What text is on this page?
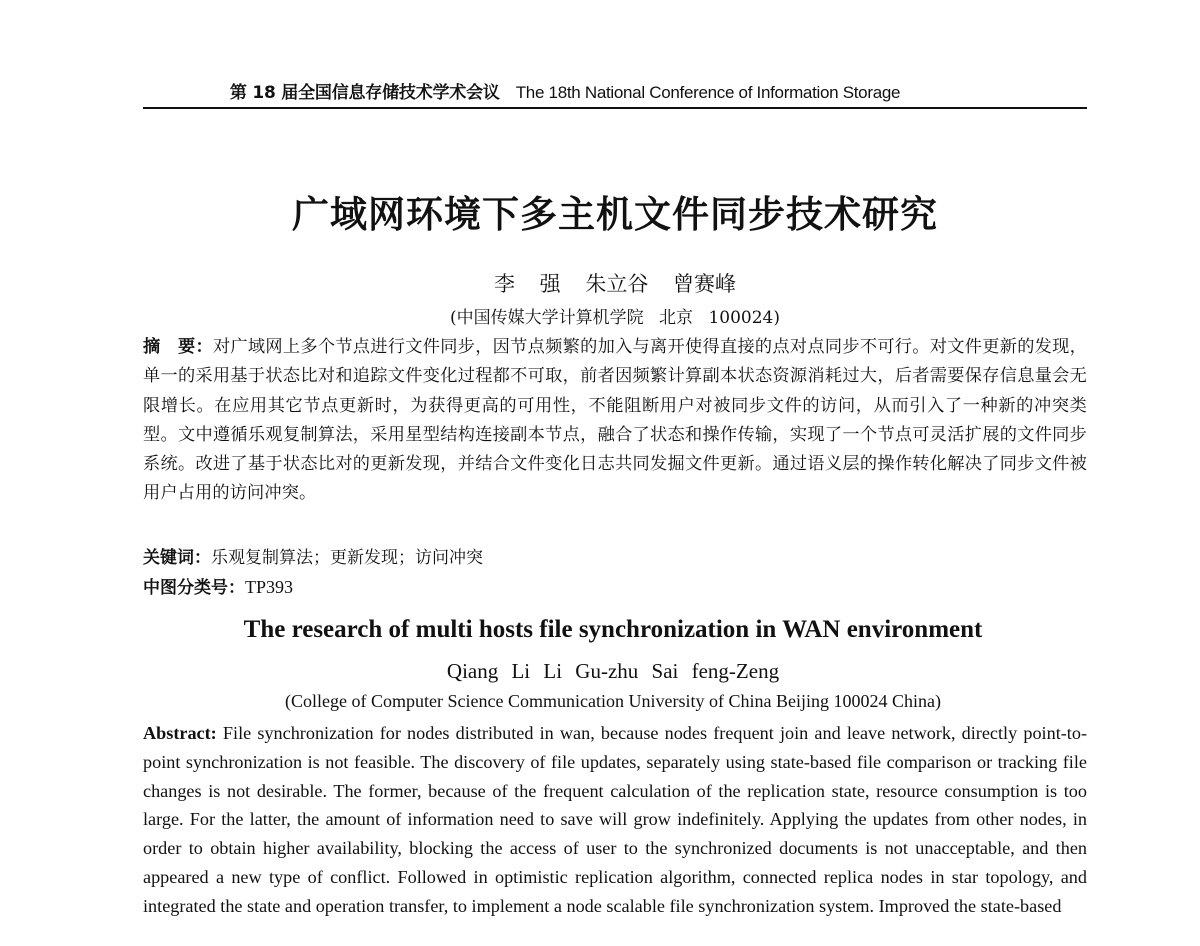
第 18 届全国信息存储技术学术会议 The 18th National Conference of Information Storage
广域网环境下多主机文件同步技术研究
李 强 朱立谷 曾赛峰
(中国传媒大学计算机学院 北京 100024)
摘　要：对广域网上多个节点进行文件同步，因节点频繁的加入与离开使得直接的点对点同步不可行。对文件更新的发现，单一的采用基于状态比对和追踪文件变化过程都不可取，前者因频繁计算副本状态资源消耗过大，后者需要保存信息量会无限增长。在应用其它节点更新时，为获得更高的可用性，不能阻断用户对被同步文件的访问，从而引入了一种新的冲突类型。文中遵循乐观复制算法，采用星型结构连接副本节点，融合了状态和操作传输，实现了一个节点可灵活扩展的文件同步系统。改进了基于状态比对的更新发现，并结合文件变化日志共同发掘文件更新。通过语义层的操作转化解决了同步文件被用户占用的访问冲突。
关键词：乐观复制算法；更新发现；访问冲突
中图分类号：TP393
The research of multi hosts file synchronization in WAN environment
Qiang Li Li Gu-zhu Sai feng-Zeng
(College of Computer Science Communication University of China Beijing 100024 China)
Abstract: File synchronization for nodes distributed in wan, because nodes frequent join and leave network, directly point-to-point synchronization is not feasible. The discovery of file updates, separately using state-based file comparison or tracking file changes is not desirable. The former, because of the frequent calculation of the replication state, resource consumption is too large. For the latter, the amount of information need to save will grow indefinitely. Applying the updates from other nodes, in order to obtain higher availability, blocking the access of user to the synchronized documents is not unacceptable, and then appeared a new type of conflict. Followed in optimistic replication algorithm, connected replica nodes in star topology, and integrated the state and operation transfer, to implement a node scalable file synchronization system. Improved the state-based
